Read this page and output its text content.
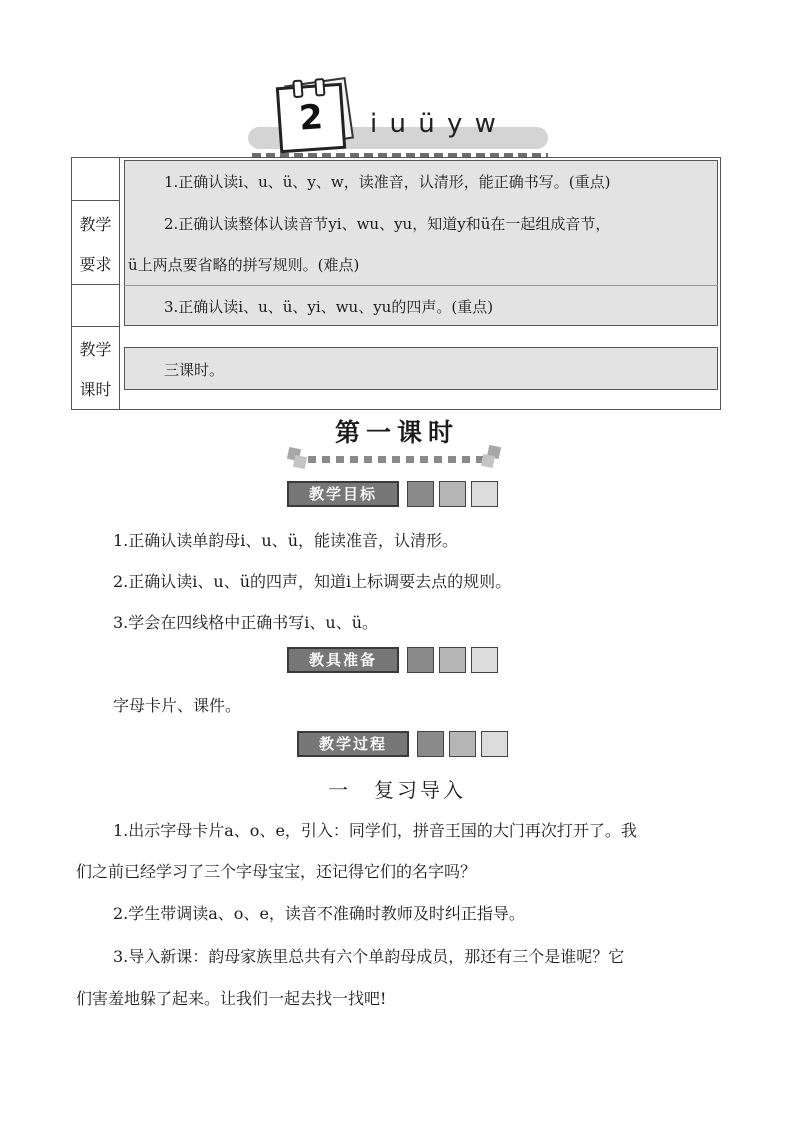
2 i u ü y w
教学
要求
教学
课时
1.正确认读i、u、ü、y、w，读准音，认清形，能正确书写。(重点)
2.正确认读整体认读音节yi、wu、yu，知道y和ü在一起组成音节，
ü上两点要省略的拼写规则。(难点)
3.正确认读i、u、ü、yi、wu、yu的四声。(重点)
三课时。
第一课时
教学目标
1.正确认读单韵母i、u、ü，能读准音，认清形。
2.正确认读i、u、ü的四声，知道i上标调要去点的规则。
3.学会在四线格中正确书写i、u、ü。
教具准备
字母卡片、课件。
教学过程
一　复习导入
1.出示字母卡片a、o、e，引入：同学们，拼音王国的大门再次打开了。我
们之前已经学习了三个字母宝宝，还记得它们的名字吗？
2.学生带调读a、o、e，读音不准确时教师及时纠正指导。
3.导入新课：韵母家族里总共有六个单韵母成员，那还有三个是谁呢？它
们害羞地躲了起来。让我们一起去找一找吧!
